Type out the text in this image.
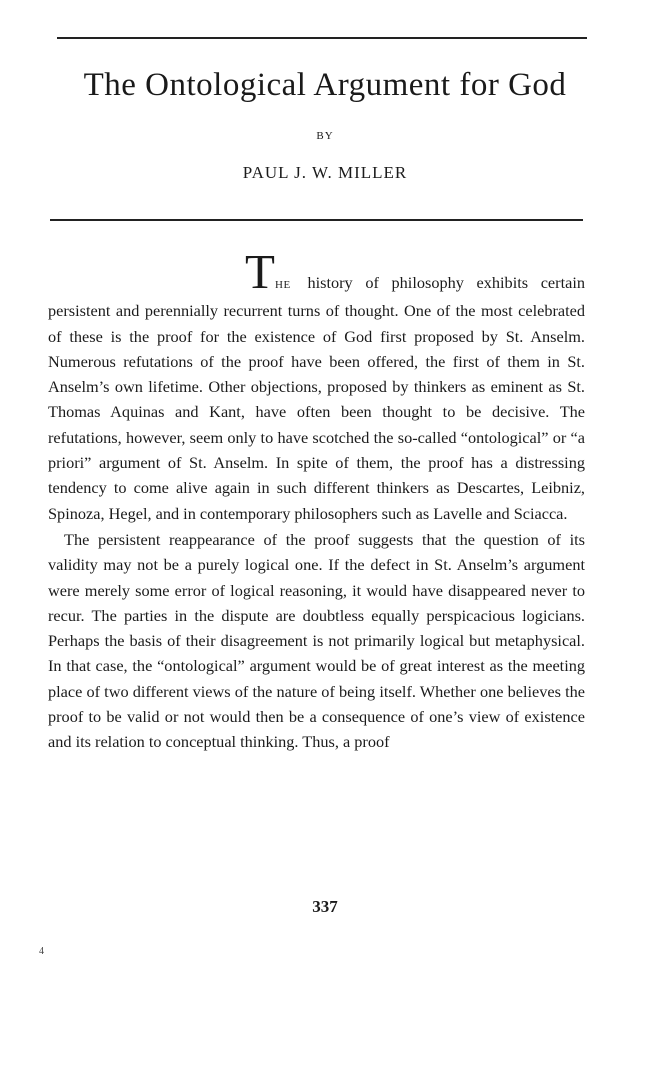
The Ontological Argument for God
BY
PAUL J. W. MILLER

THE history of philosophy exhibits certain persistent and perennially recurrent turns of thought. One of the most celebrated of these is the proof for the existence of God first proposed by St. Anselm. Numerous refutations of the proof have been offered, the first of them in St. Anselm’s own lifetime. Other objections, proposed by thinkers as eminent as St. Thomas Aquinas and Kant, have often been thought to be decisive. The refutations, however, seem only to have scotched the so-called “ontological” or “a priori” argument of St. Anselm. In spite of them, the proof has a distressing tendency to come alive again in such different thinkers as Descartes, Leibniz, Spinoza, Hegel, and in contemporary philosophers such as Lavelle and Sciacca.

The persistent reappearance of the proof suggests that the question of its validity may not be a purely logical one. If the defect in St. Anselm’s argument were merely some error of logical reasoning, it would have disappeared never to recur. The parties in the dispute are doubtless equally perspicacious logicians. Perhaps the basis of their disagreement is not primarily logical but metaphysical. In that case, the “ontological” argument would be of great interest as the meeting place of two different views of the nature of being itself. Whether one believes the proof to be valid or not would then be a consequence of one’s view of existence and its relation to conceptual thinking. Thus, a proof

337
4
